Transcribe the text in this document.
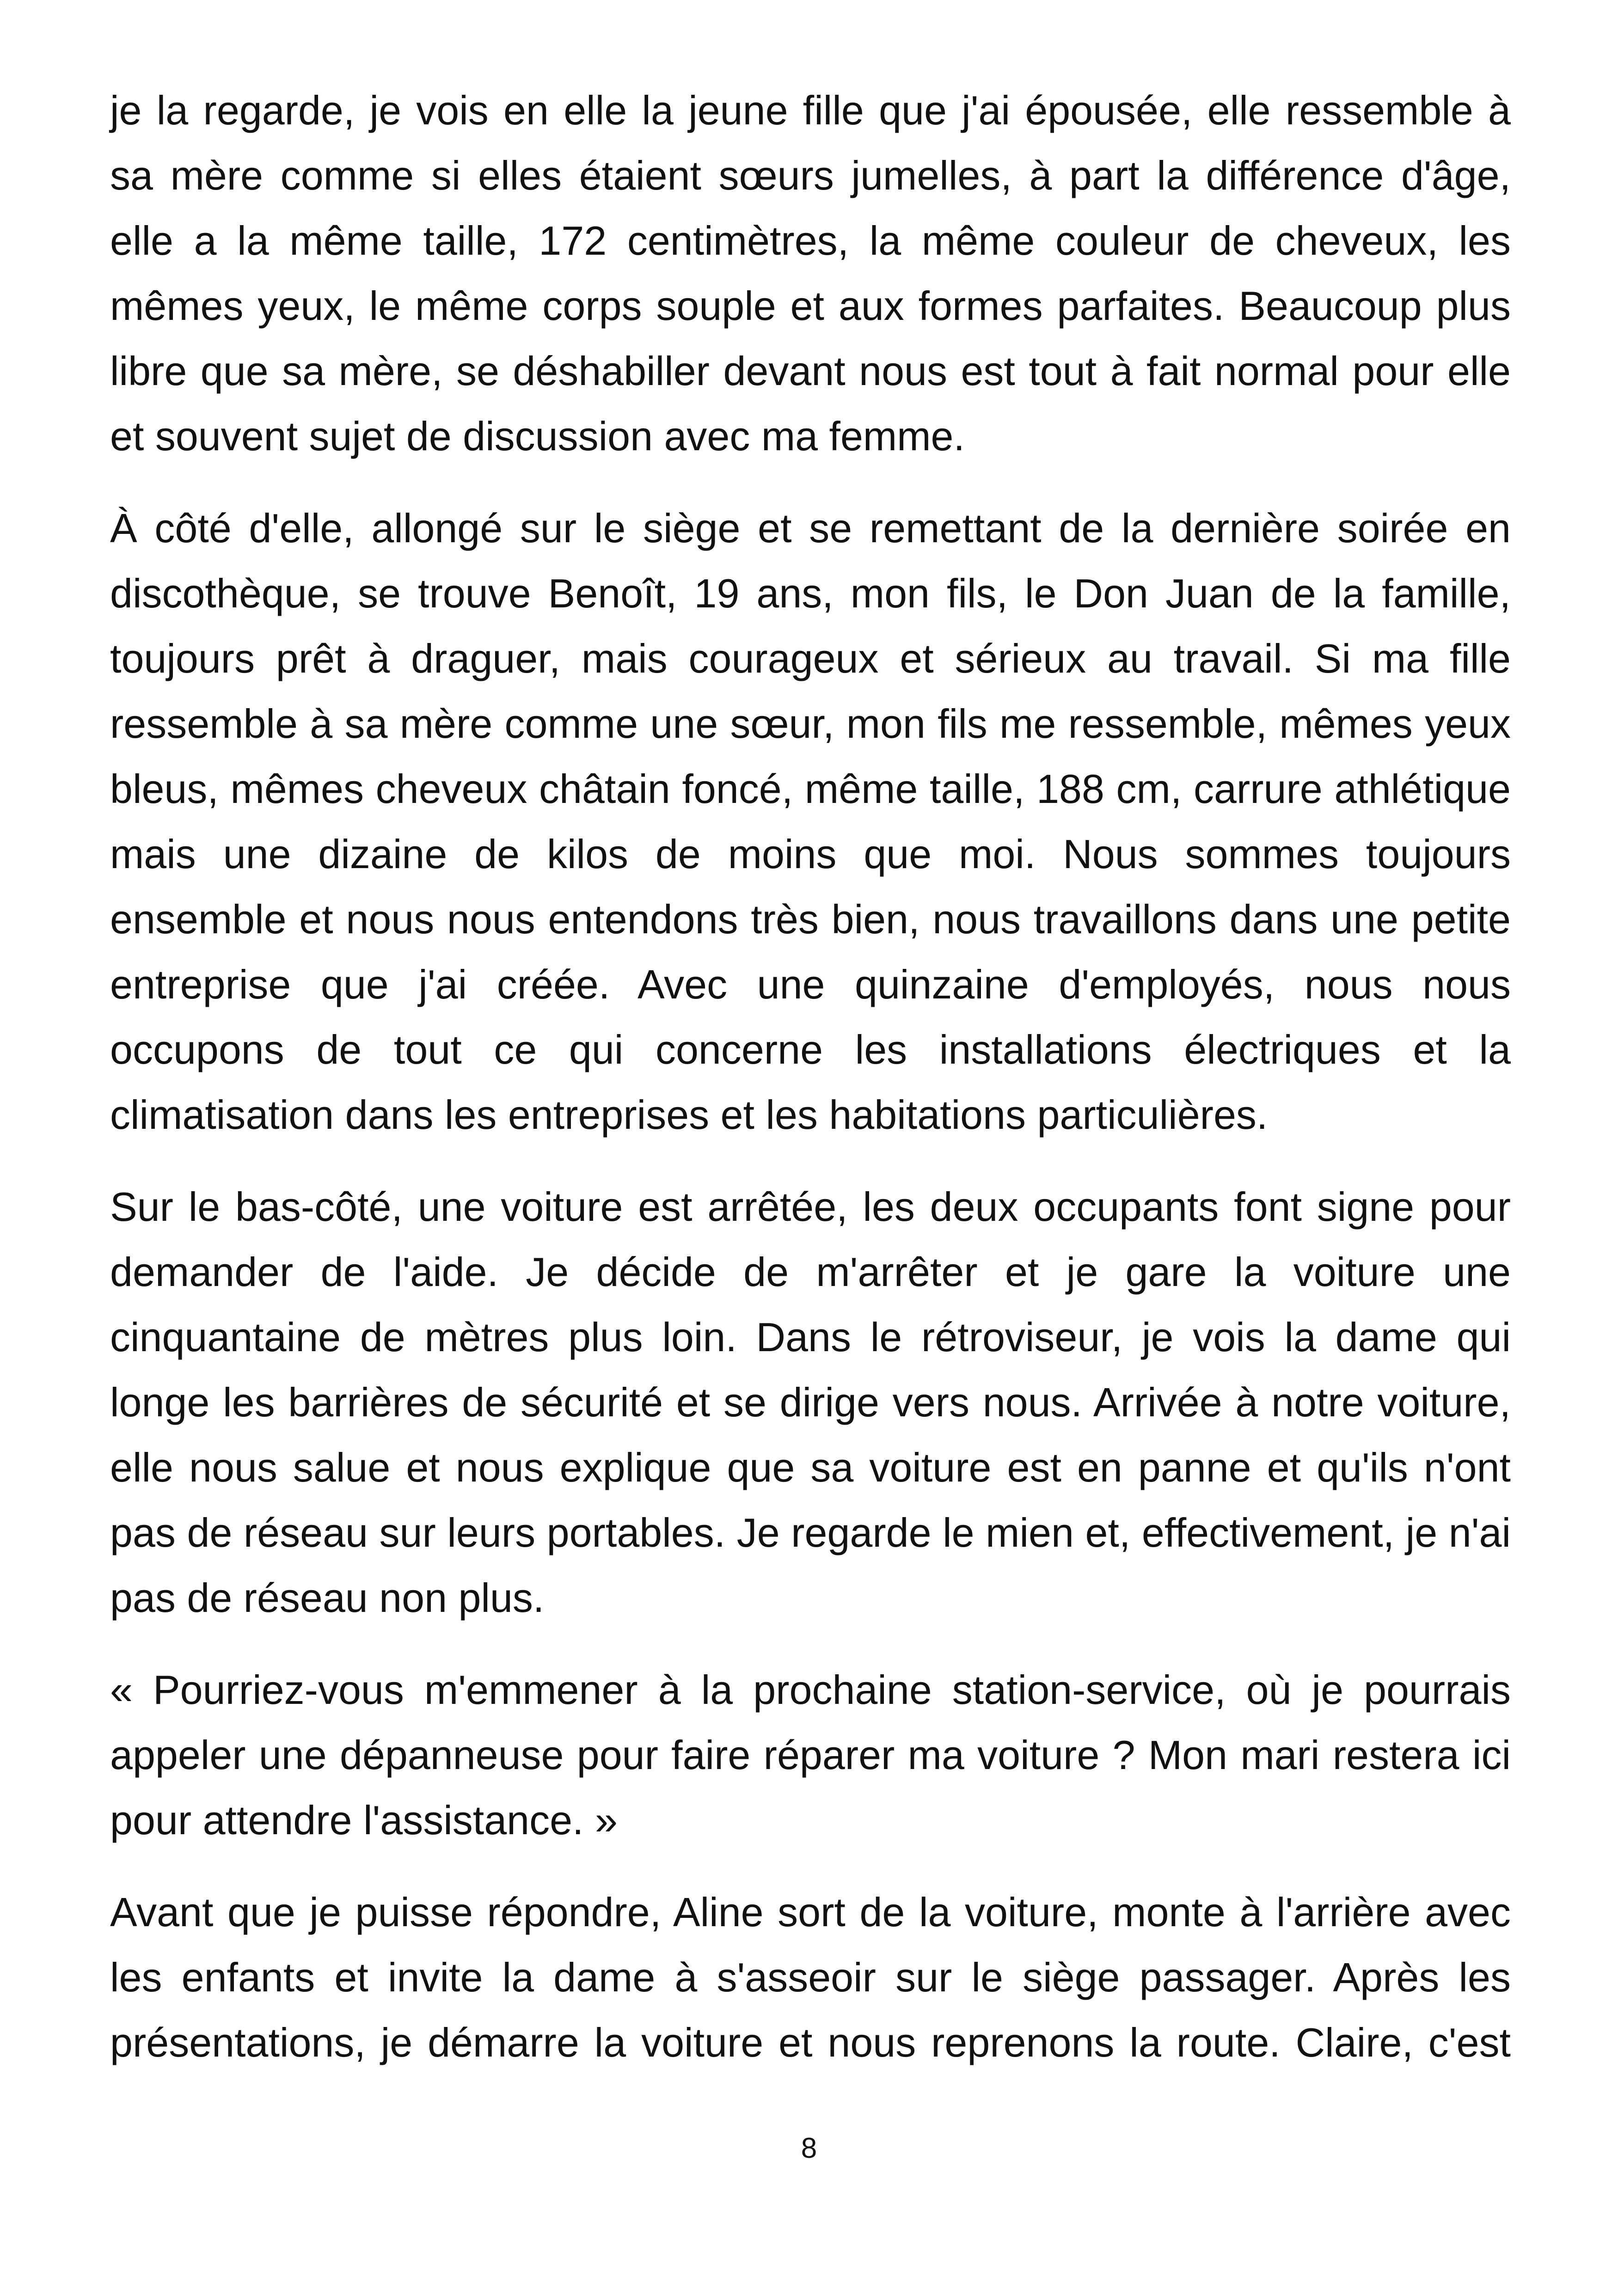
je la regarde, je vois en elle la jeune fille que j'ai épousée, elle ressemble à sa mère comme si elles étaient sœurs jumelles, à part la différence d'âge, elle a la même taille, 172 centimètres, la même couleur de cheveux, les mêmes yeux, le même corps souple et aux formes parfaites. Beaucoup plus libre que sa mère, se déshabiller devant nous est tout à fait normal pour elle et souvent sujet de discussion avec ma femme.

À côté d'elle, allongé sur le siège et se remettant de la dernière soirée en discothèque, se trouve Benoît, 19 ans, mon fils, le Don Juan de la famille, toujours prêt à draguer, mais courageux et sérieux au travail. Si ma fille ressemble à sa mère comme une sœur, mon fils me ressemble, mêmes yeux bleus, mêmes cheveux châtain foncé, même taille, 188 cm, carrure athlétique mais une dizaine de kilos de moins que moi. Nous sommes toujours ensemble et nous nous entendons très bien, nous travaillons dans une petite entreprise que j'ai créée. Avec une quinzaine d'employés, nous nous occupons de tout ce qui concerne les installations électriques et la climatisation dans les entreprises et les habitations particulières.

Sur le bas-côté, une voiture est arrêtée, les deux occupants font signe pour demander de l'aide. Je décide de m'arrêter et je gare la voiture une cinquantaine de mètres plus loin. Dans le rétroviseur, je vois la dame qui longe les barrières de sécurité et se dirige vers nous. Arrivée à notre voiture, elle nous salue et nous explique que sa voiture est en panne et qu'ils n'ont pas de réseau sur leurs portables. Je regarde le mien et, effectivement, je n'ai pas de réseau non plus.

« Pourriez-vous m'emmener à la prochaine station-service, où je pourrais appeler une dépanneuse pour faire réparer ma voiture ? Mon mari restera ici pour attendre l'assistance. »

Avant que je puisse répondre, Aline sort de la voiture, monte à l'arrière avec les enfants et invite la dame à s'asseoir sur le siège passager. Après les présentations, je démarre la voiture et nous reprenons la route. Claire, c'est

8
